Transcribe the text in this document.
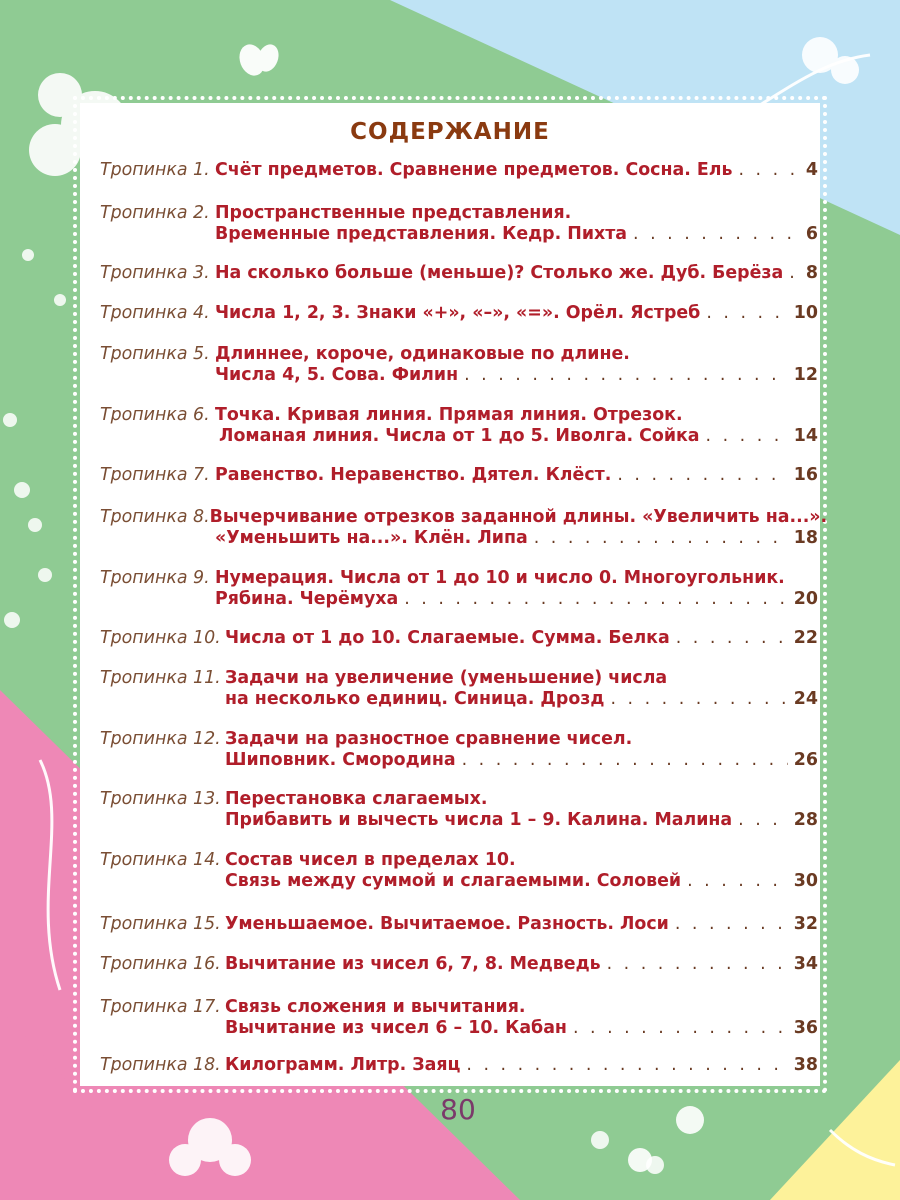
СОДЕРЖАНИЕ
Тропинка 1. Счёт предметов. Сравнение предметов. Сосна. Ель . . .	4
Тропинка 2. Пространственные представления.
Временные представления. Кедр. Пихта . . .	6
Тропинка 3. На сколько больше (меньше)? Столько же. Дуб. Берёза . . . 8
Тропинка 4. Числа 1, 2, 3. Знаки «+», «–», «=». Орёл. Ястреб . . .	10
Тропинка 5. Длиннее, короче, одинаковые по длине.
Числа 4, 5. Сова. Филин . . .	12
Тропинка 6. Точка. Кривая линия. Прямая линия. Отрезок.
Ломаная линия. Числа от 1 до 5. Иволга. Сойка . . .	14
Тропинка 7. Равенство. Неравенство. Дятел. Клёст. . . .	16
Тропинка 8. Вычерчивание отрезков заданной длины. «Увеличить на...».
«Уменьшить на...». Клён. Липа . . .	18
Тропинка 9. Нумерация. Числа от 1 до 10 и число 0. Многоугольник.
Рябина. Черёмуха . . .	20
Тропинка 10. Числа от 1 до 10. Слагаемые. Сумма. Белка . . .	22
Тропинка 11. Задачи на увеличение (уменьшение) числа
на несколько единиц. Синица. Дрозд . . .	24
Тропинка 12. Задачи на разностное сравнение чисел.
Шиповник. Смородина . . .	26
Тропинка 13. Перестановка слагаемых.
Прибавить и вычесть числа 1 – 9. Калина. Малина . . .	28
Тропинка 14. Состав чисел в пределах 10.
Связь между суммой и слагаемыми. Соловей . . .	30
Тропинка 15. Уменьшаемое. Вычитаемое. Разность. Лоси . . .	32
Тропинка 16. Вычитание из чисел 6, 7, 8. Медведь . . .	34
Тропинка 17. Связь сложения и вычитания.
Вычитание из чисел 6 – 10. Кабан . . .	36
Тропинка 18. Килограмм. Литр. Заяц . . .	38
80
